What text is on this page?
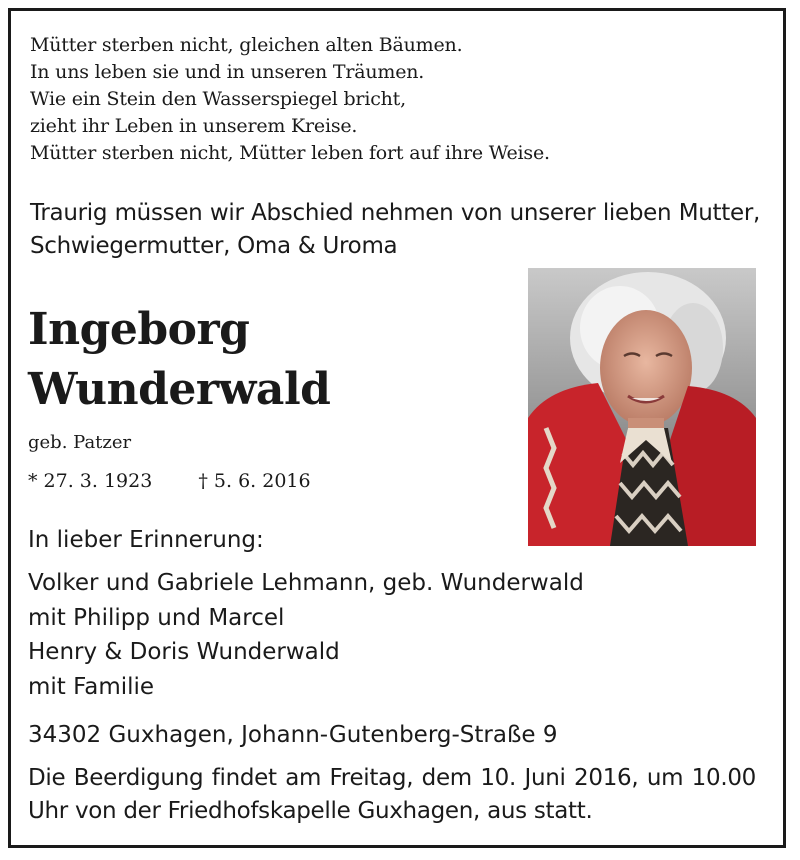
Mütter sterben nicht, gleichen alten Bäumen.
In uns leben sie und in unseren Träumen.
Wie ein Stein den Wasserspiegel bricht,
zieht ihr Leben in unserem Kreise.
Mütter sterben nicht, Mütter leben fort auf ihre Weise.
Traurig müssen wir Abschied nehmen von unserer lieben Mutter, Schwiegermutter, Oma & Uroma
Ingeborg
Wunderwald
geb. Patzer
* 27. 3. 1923 † 5. 6. 2016
In lieber Erinnerung:
Volker und Gabriele Lehmann, geb. Wunderwald
mit Philipp und Marcel
Henry & Doris Wunderwald
mit Familie
34302 Guxhagen, Johann-Gutenberg-Straße 9
Die Beerdigung findet am Freitag, dem 10. Juni 2016, um 10.00 Uhr von der Friedhofskapelle Guxhagen, aus statt.
